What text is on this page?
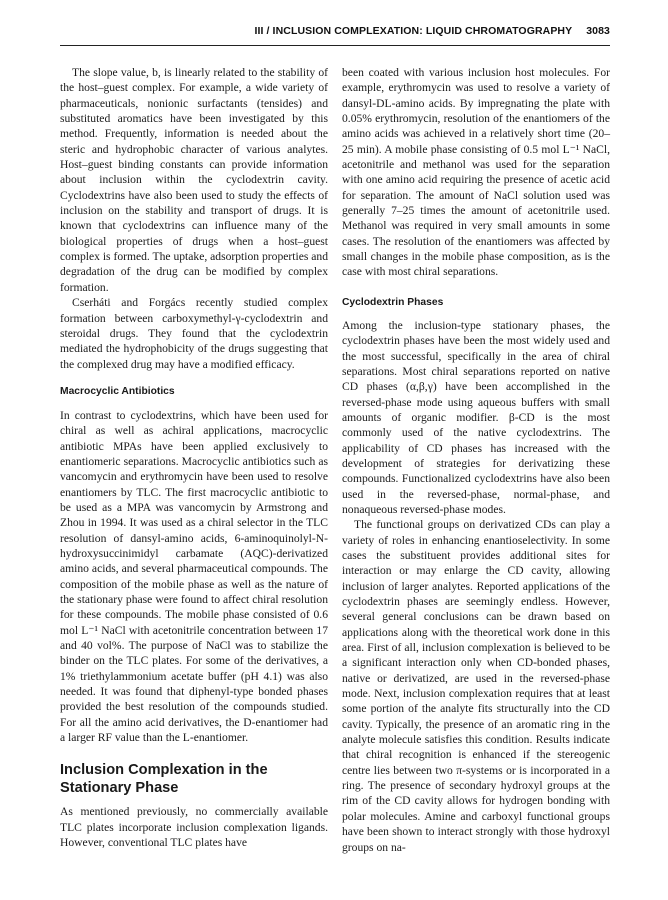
III / INCLUSION COMPLEXATION: LIQUID CHROMATOGRAPHY 3083

The slope value, b, is linearly related to the stability of the host–guest complex. For example, a wide variety of pharmaceuticals, nonionic surfactants (tensides) and substituted aromatics have been investigated by this method. Frequently, information is needed about the steric and hydrophobic character of various analytes. Host–guest binding constants can provide information about inclusion within the cyclodextrin cavity. Cyclodextrins have also been used to study the effects of inclusion on the stability and transport of drugs. It is known that cyclodextrins can influence many of the biological properties of drugs when a host–guest complex is formed. The uptake, adsorption properties and degradation of the drug can be modified by complex formation.

Cserháti and Forgács recently studied complex formation between carboxymethyl-γ-cyclodextrin and steroidal drugs. They found that the cyclodextrin mediated the hydrophobicity of the drugs suggesting that the complexed drug may have a modified efficacy.

Macrocyclic Antibiotics

In contrast to cyclodextrins, which have been used for chiral as well as achiral applications, macrocyclic antibiotic MPAs have been applied exclusively to enantiomeric separations. Macrocyclic antibiotics such as vancomycin and erythromycin have been used to resolve enantiomers by TLC. The first macrocyclic antibiotic to be used as a MPA was vancomycin by Armstrong and Zhou in 1994. It was used as a chiral selector in the TLC resolution of dansyl-amino acids, 6-aminoquinolyl-N-hydroxysuccinimidyl carbamate (AQC)-derivatized amino acids, and several pharmaceutical compounds. The composition of the mobile phase as well as the nature of the stationary phase were found to affect chiral resolution for these compounds. The mobile phase consisted of 0.6 mol L⁻¹ NaCl with acetonitrile concentration between 17 and 40 vol%. The purpose of NaCl was to stabilize the binder on the TLC plates. For some of the derivatives, a 1% triethylammonium acetate buffer (pH 4.1) was also needed. It was found that diphenyl-type bonded phases provided the best resolution of the compounds studied. For all the amino acid derivatives, the D-enantiomer had a larger RF value than the L-enantiomer.

Inclusion Complexation in the Stationary Phase

As mentioned previously, no commercially available TLC plates incorporate inclusion complexation ligands. However, conventional TLC plates have

been coated with various inclusion host molecules. For example, erythromycin was used to resolve a variety of dansyl-DL-amino acids. By impregnating the plate with 0.05% erythromycin, resolution of the enantiomers of the amino acids was achieved in a relatively short time (20–25 min). A mobile phase consisting of 0.5 mol L⁻¹ NaCl, acetonitrile and methanol was used for the separation with one amino acid requiring the presence of acetic acid for separation. The amount of NaCl solution used was generally 7–25 times the amount of acetonitrile used. Methanol was required in very small amounts in some cases. The resolution of the enantiomers was affected by small changes in the mobile phase composition, as is the case with most chiral separations.

Cyclodextrin Phases

Among the inclusion-type stationary phases, the cyclodextrin phases have been the most widely used and the most successful, specifically in the area of chiral separations. Most chiral separations reported on native CD phases (α,β,γ) have been accomplished in the reversed-phase mode using aqueous buffers with small amounts of organic modifier. β-CD is the most commonly used of the native cyclodextrins. The applicability of CD phases has increased with the development of strategies for derivatizing these compounds. Functionalized cyclodextrins have also been used in the reversed-phase, normal-phase, and nonaqueous reversed-phase modes.

The functional groups on derivatized CDs can play a variety of roles in enhancing enantioselectivity. In some cases the substituent provides additional sites for interaction or may enlarge the CD cavity, allowing inclusion of larger analytes. Reported applications of the cyclodextrin phases are seemingly endless. However, several general conclusions can be drawn based on applications along with the theoretical work done in this area. First of all, inclusion complexation is believed to be a significant interaction only when CD-bonded phases, native or derivatized, are used in the reversed-phase mode. Next, inclusion complexation requires that at least some portion of the analyte fits structurally into the CD cavity. Typically, the presence of an aromatic ring in the analyte molecule satisfies this condition. Results indicate that chiral recognition is enhanced if the stereogenic centre lies between two π-systems or is incorporated in a ring. The presence of secondary hydroxyl groups at the rim of the CD cavity allows for hydrogen bonding with polar molecules. Amine and carboxyl functional groups have been shown to interact strongly with those hydroxyl groups on na-
